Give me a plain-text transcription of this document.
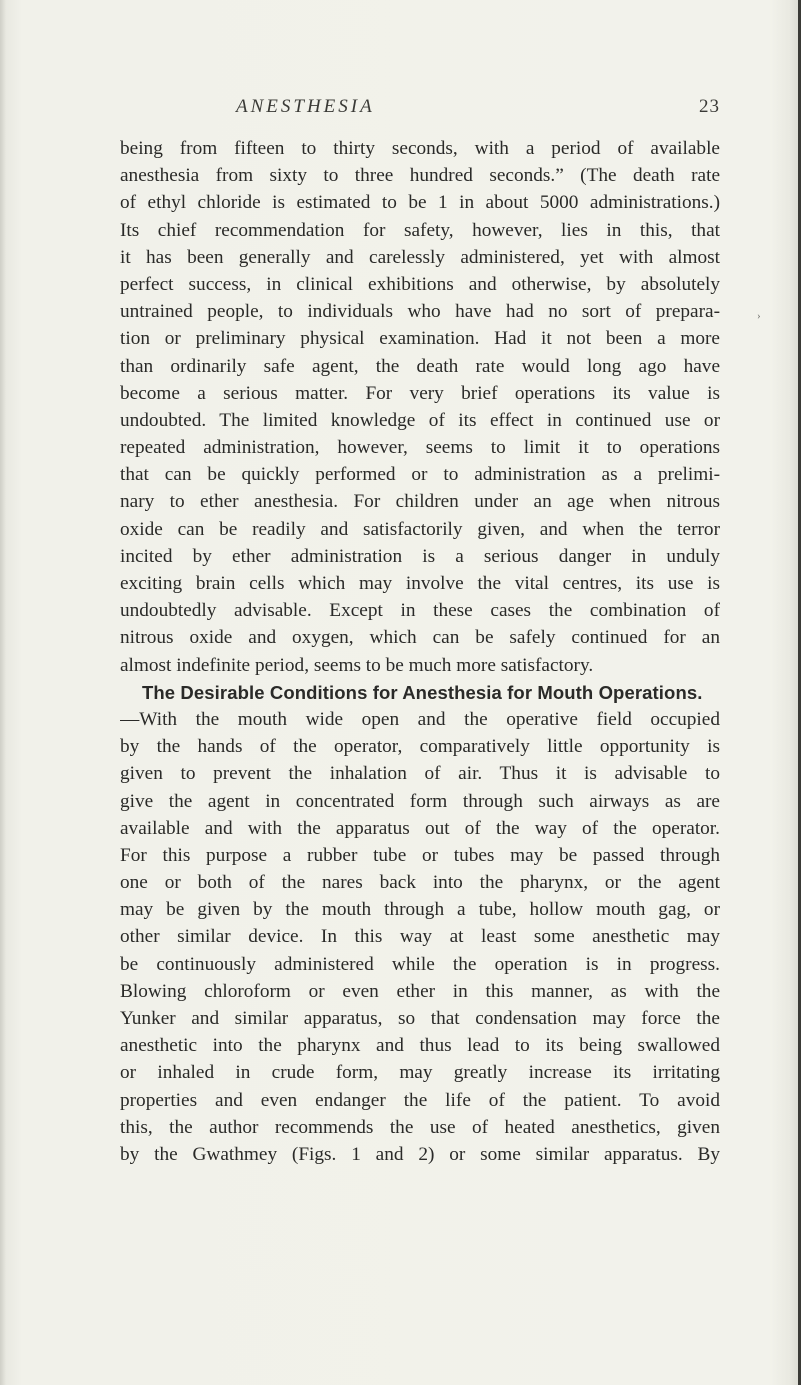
ANESTHESIA	23
›
being from fifteen to thirty seconds, with a period of available
anesthesia from sixty to three hundred seconds.” (The death rate
of ethyl chloride is estimated to be 1 in about 5000 administrations.)
Its chief recommendation for safety, however, lies in this, that
it has been generally and carelessly administered, yet with almost
perfect success, in clinical exhibitions and otherwise, by absolutely
untrained people, to individuals who have had no sort of prepara-
tion or preliminary physical examination. Had it not been a more
than ordinarily safe agent, the death rate would long ago have
become a serious matter. For very brief operations its value is
undoubted. The limited knowledge of its effect in continued use or
repeated administration, however, seems to limit it to operations
that can be quickly performed or to administration as a prelimi-
nary to ether anesthesia. For children under an age when nitrous
oxide can be readily and satisfactorily given, and when the terror
incited by ether administration is a serious danger in unduly
exciting brain cells which may involve the vital centres, its use is
undoubtedly advisable. Except in these cases the combination of
nitrous oxide and oxygen, which can be safely continued for an
almost indefinite period, seems to be much more satisfactory.
The Desirable Conditions for Anesthesia for Mouth Operations.
—With the mouth wide open and the operative field occupied
by the hands of the operator, comparatively little opportunity is
given to prevent the inhalation of air. Thus it is advisable to
give the agent in concentrated form through such airways as are
available and with the apparatus out of the way of the operator.
For this purpose a rubber tube or tubes may be passed through
one or both of the nares back into the pharynx, or the agent
may be given by the mouth through a tube, hollow mouth gag, or
other similar device. In this way at least some anesthetic may
be continuously administered while the operation is in progress.
Blowing chloroform or even ether in this manner, as with the
Yunker and similar apparatus, so that condensation may force the
anesthetic into the pharynx and thus lead to its being swallowed
or inhaled in crude form, may greatly increase its irritating
properties and even endanger the life of the patient. To avoid
this, the author recommends the use of heated anesthetics, given
by the Gwathmey (Figs. 1 and 2) or some similar apparatus. By
